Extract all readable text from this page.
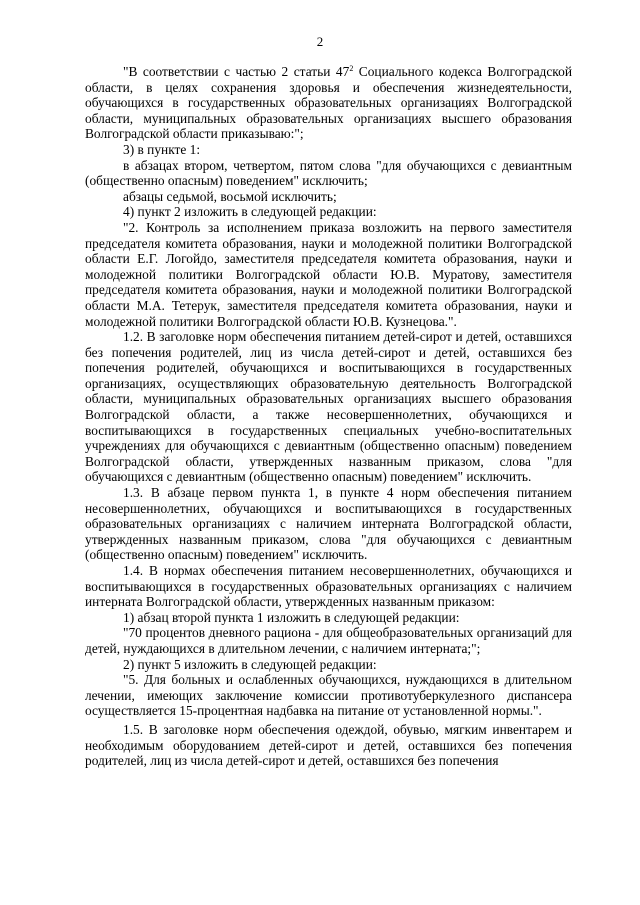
2

"В соответствии с частью 2 статьи $47^2$ Социального кодекса Волгоградской области, в целях сохранения здоровья и обеспечения жизнедеятельности, обучающихся в государственных образовательных организациях Волгоградской области, муниципальных образовательных организациях высшего образования Волгоградской области приказываю:";

3) в пункте 1:

в абзацах втором, четвертом, пятом слова "для обучающихся с девиантным (общественно опасным) поведением" исключить;

абзацы седьмой, восьмой исключить;

4) пункт 2 изложить в следующей редакции:

"2. Контроль за исполнением приказа возложить на первого заместителя председателя комитета образования, науки и молодежной политики Волгоградской области Е.Г. Логойдо, заместителя председателя комитета образования, науки и молодежной политики Волгоградской области Ю.В. Муратову, заместителя председателя комитета образования, науки и молодежной политики Волгоградской области М.А. Тетерук, заместителя председателя комитета образования, науки и молодежной политики Волгоградской области Ю.В. Кузнецова.".

1.2. В заголовке норм обеспечения питанием детей-сирот и детей, оставшихся без попечения родителей, лиц из числа детей-сирот и детей, оставшихся без попечения родителей, обучающихся и воспитывающихся в государственных организациях, осуществляющих образовательную деятельность Волгоградской области, муниципальных образовательных организациях высшего образования Волгоградской области, а также несовершеннолетних, обучающихся и воспитывающихся в государственных специальных учебно-воспитательных учреждениях для обучающихся с девиантным (общественно опасным) поведением Волгоградской области, утвержденных названным приказом, слова "для обучающихся с девиантным (общественно опасным) поведением" исключить.

1.3. В абзаце первом пункта 1, в пункте 4 норм обеспечения питанием несовершеннолетних, обучающихся и воспитывающихся в государственных образовательных организациях с наличием интерната Волгоградской области, утвержденных названным приказом, слова "для обучающихся с девиантным (общественно опасным) поведением" исключить.

1.4. В нормах обеспечения питанием несовершеннолетних, обучающихся и воспитывающихся в государственных образовательных организациях с наличием интерната Волгоградской области, утвержденных названным приказом:

1) абзац второй пункта 1 изложить в следующей редакции:

"70 процентов дневного рациона - для общеобразовательных организаций для детей, нуждающихся в длительном лечении, с наличием интерната;";

2) пункт 5 изложить в следующей редакции:

"5. Для больных и ослабленных обучающихся, нуждающихся в длительном лечении, имеющих заключение комиссии противотуберкулезного диспансера осуществляется 15-процентная надбавка на питание от установленной нормы.".

1.5. В заголовке норм обеспечения одеждой, обувью, мягким инвентарем и необходимым оборудованием детей-сирот и детей, оставшихся без попечения родителей, лиц из числа детей-сирот и детей, оставшихся без попечения
